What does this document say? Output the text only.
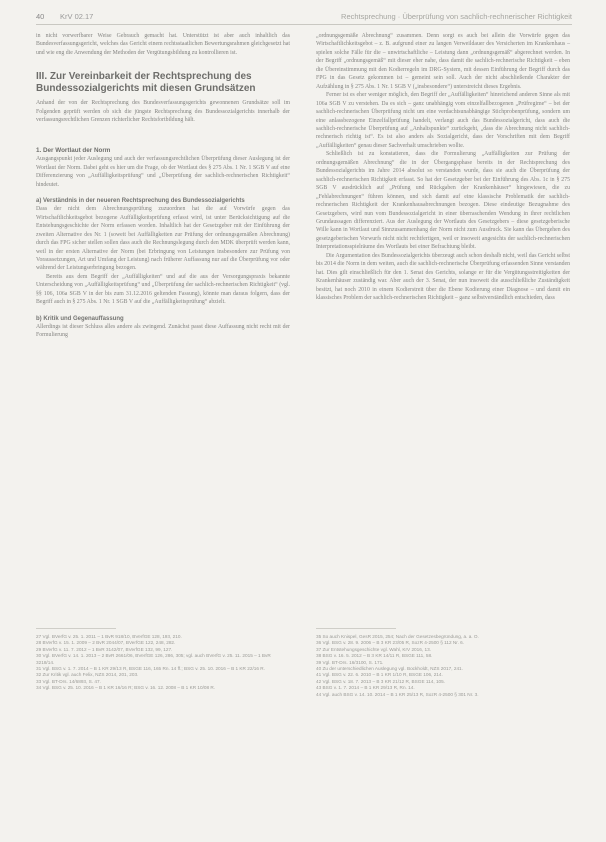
40 KrV 02.17	Rechtsprechung · Überprüfung von sachlich-rechnerischer Richtigkeit

in nicht vorwerfbarer Weise Gebrauch gemacht hat. Unterstützt ist aber auch inhaltlich das Bundesverfassungsgericht, welches das Gericht einem rechtsstaatlichen Bewertungsrahmen gleichgesetzt hat und wie eng die Anwendung der Methoden der Vergütungsbildung zu kontrollieren ist.

III. Zur Vereinbarkeit der Rechtsprechung des Bundessozialgerichts mit diesen Grundsätzen

Anhand der von der Rechtsprechung des Bundesverfassungsgerichts gewonnenen Grundsätze soll im Folgenden geprüft werden ob sich die jüngste Rechtsprechung des Bundessozialgerichts innerhalb der verfassungsrechtlichen Grenzen richterlicher Rechtsfortbildung hält.

1. Der Wortlaut der Norm

Ausgangspunkt jeder Auslegung und auch der verfassungsrechtlichen Überprüfung dieser Auslegung ist der Wortlaut der Norm. Dabei geht es hier um die Frage, ob der Wortlaut des § 275 Abs. 1 Nr. 1 SGB V auf eine Differenzierung von „Auffälligkeitsprüfung“ und „Überprüfung der sachlich-rechnerischen Richtigkeit“ hindeutet.

a) Verständnis in der neueren Rechtsprechung des Bundessozialgerichts

Dass der nicht dem Abrechnungsprüfung zuzuordnen hat die auf Vorwürfe gegen das Wirtschaftlichkeitsgebot bezogene Auffälligkeitsprüfung erfasst wird, ist unter Berücksichtigung auf die Entstehungsgeschichte der Norm erfassen worden. Inhaltlich hat der Gesetzgeber mit der Einführung der zweiten Alternative des Nr. 1 (soweit bei Auffälligkeiten zur Prüfung der ordnungsgemäßen Abrechnung) durch das FPG sicher stellen sollen dass auch die Rechnungslegung durch den MDK überprüft werden kann, weil in der ersten Alternative der Norm (bei Erbringung von Leistungen insbesondere zur Prüfung von Voraussetzungen, Art und Umfang der Leistung) nach früherer Auffassung nur auf die Überprüfung vor oder während der Leistungserbringung bezogen.

Bereits aus dem Begriff der „Auffälligkeiten“ und auf die aus der Versorgungspraxis bekannte Unterscheidung von „Auffälligkeitsprüfung“ und „Überprüfung der sachlich-rechnerischen Richtigkeit“ (vgl. §§ 106, 106a SGB V in der bis zum 31.12.2016 geltenden Fassung), könnte man daraus folgern, dass der Begriff auch in § 275 Abs. 1 Nr. 1 SGB V auf die „Auffälligkeitsprüfung“ abzielt.

b) Kritik und Gegenauffassung

Allerdings ist dieser Schluss alles andere als zwingend. Zunächst passt diese Auffassung nicht recht mit der Formulierung

„ordnungsgemäße Abrechnung“ zusammen. Denn sorgt es auch bei allein die Vorwürfe gegen das Wirtschaftlichkeitsgebot – z. B. aufgrund einer zu langen Verweildauer des Versicherten im Krankenhaus – spielen solche Fälle für die – unwirtschaftliche – Leistung dann „ordnungsgemäß“ abgerechnet werden. In der Begriff „ordnungsgemäß“ mit dieser eher nahe, dass damit die sachlich-rechnerische Richtigkeit – eben die Übereinstimmung mit den Kodierregeln im DRG-System, mit dessen Einführung der Begriff durch das FPG in das Gesetz gekommen ist – gemeint sein soll. Auch der nicht abschließende Charakter der Aufzählung in § 275 Abs. 1 Nr. 1 SGB V („insbesondere“) unterstreicht dieses Ergebnis.

Ferner ist es eher weniger möglich, den Begriff der „Auffälligkeiten“ hinreichend anderen Sinne als mit 106a SGB V zu verstehen. Da es sich – ganz unabhängig vom einzelfallbezogenen „Prüfregime“ – bei der sachlich-rechnerischen Überprüfung nicht um eine verdachtsunabhängige Stichprobenprüfung, sondern um eine anlassbezogene Einzelfallprüfung handelt, verlangt auch das Bundessozialgericht, dass auch die sachlich-rechnerische Überprüfung auf „Anhaltspunkte“ zurückgeht, „dass die Abrechnung nicht sachlich-rechnerisch richtig ist“. Es ist also anders als Sozialgericht, dass der Vorschriften mit dem Begriff „Auffälligkeiten“ genau dieser Sachverhalt umschrieben wollte.

Schließlich ist zu konstatieren, dass die Formulierung „Auffälligkeiten zur Prüfung der ordnungsgemäßen Abrechnung“ die in der Übergangsphase bereits in der Rechtsprechung des Bundessozialgerichts im Jahre 2014 absolut so verstanden wurde, dass sie auch die Überprüfung der sachlich-rechnerischen Richtigkeit erfasst. So hat der Gesetzgeber bei der Einführung des Abs. 1c in § 275 SGB V ausdrücklich auf „Prüfung und Rückgaben der Krankenhäuser“ hingewiesen, die zu „Fehlabrechnungen“ führen können, und sich damit auf eine klassische Problematik der sachlich-rechnerischen Richtigkeit der Krankenhausabrechnungen bezogen. Diese eindeutige Bezugnahme des Gesetzgebers, wird nun vom Bundessozialgericht in einer überraschenden Wendung in ihrer rechtlichen Grundaussagen differenziert. Aus der Auslegung der Wortlauts des Gesetzgebers – diese gesetzgeberische Wille kann in Wortlaut und Sinnzusammenhang der Norm nicht zum Ausdruck. Sie kann das Übergehen des gesetzgeberischen Vorwurfs nicht nicht rechtfertigen, weil er insoweit angesichts der sachlich-rechnerischen Interpretationsspielräume des Wortlauts bei einer Befrachtung bleibt.

Die Argumentation des Bundessozialgerichts überzeugt auch schon deshalb nicht, weil das Gericht selbst bis 2014 die Norm in dem weiten, auch die sachlich-rechnerische Überprüfung erfassenden Sinne verstanden hat. Dies gilt einschließlich für den 1. Senat des Gerichts, solange er für die Vergütungsstreitigkeiten der Krankenhäuser zuständig war. Aber auch der 3. Senat, der nun insoweit die ausschließliche Zuständigkeit besitzt, hat noch 2010 in einem Kodierstreit über die Ebene Kodierung einer Diagnose – und damit ein klassisches Problem der sachlich-rechnerischen Richtigkeit – ganz selbstverständlich entschieden, dass

27 Vgl. BVerfG v. 25. 1. 2011 – 1 BvR 918/10, BVerfGE 128, 193, 210.

28 BVerfG v. 15. 1. 2009 – 2 BvR 2044/07, BVerfGE 122, 248, 282.

29 BVerfG v. 11. 7. 2012 – 1 BvR 3142/07, BVerfGE 132, 99, 127.

30 Vgl. BVerfG v. 14. 1. 2013 – 2 BvR 2661/06, BVerfGE 126, 286, 305; vgl. auch BVerfG v. 25. 11. 2015 – 1 BvR 3218/14.

31 Vgl. BSG v. 1. 7. 2014 – B 1 KR 29/13 R, BSGE 116, 165 Rn. 14 ff.; BSG v. 25. 10. 2016 – B 1 KR 22/16 R.

32 Zur Kritik vgl. auch Felix, NZS 2014, 201, 203.

33 Vgl. BT-Drs. 14/6893, S. 47.

34 Vgl. BSG v. 25. 10. 2016 – B 1 KR 16/16 R; BSG v. 16. 12. 2008 – B 1 KR 10/08 R.

35 So auch Knispel, GesR 2015, 254; Nach der Gesetzesbegründung, a. a. O.

36 Vgl. BSG v. 28. 9. 2006 – B 3 KR 23/05 R, SozR 4-2500 § 112 Nr. 6.

37 Zur Entstehungsgeschichte vgl. Wahl, KrV 2016, 13.

38 BSG v. 16. 5. 2012 – B 3 KR 14/11 R, BSGE 111, 58.

39 Vgl. BT-Drs. 16/3100, S. 171.

40 Zu der unterschiedlichen Auslegung vgl. Bockholdt, NZS 2017, 241.

41 Vgl. BSG v. 22. 6. 2010 – B 1 KR 1/10 R, BSGE 106, 214.

42 Vgl. BSG v. 18. 7. 2013 – B 3 KR 21/12 R, BSGE 114, 105.

43 BSG v. 1. 7. 2014 – B 1 KR 29/13 R, Rn. 14.

44 Vgl. auch BSG v. 14. 10. 2014 – B 1 KR 25/13 R, SozR 4-2500 § 301 Nr. 3.
